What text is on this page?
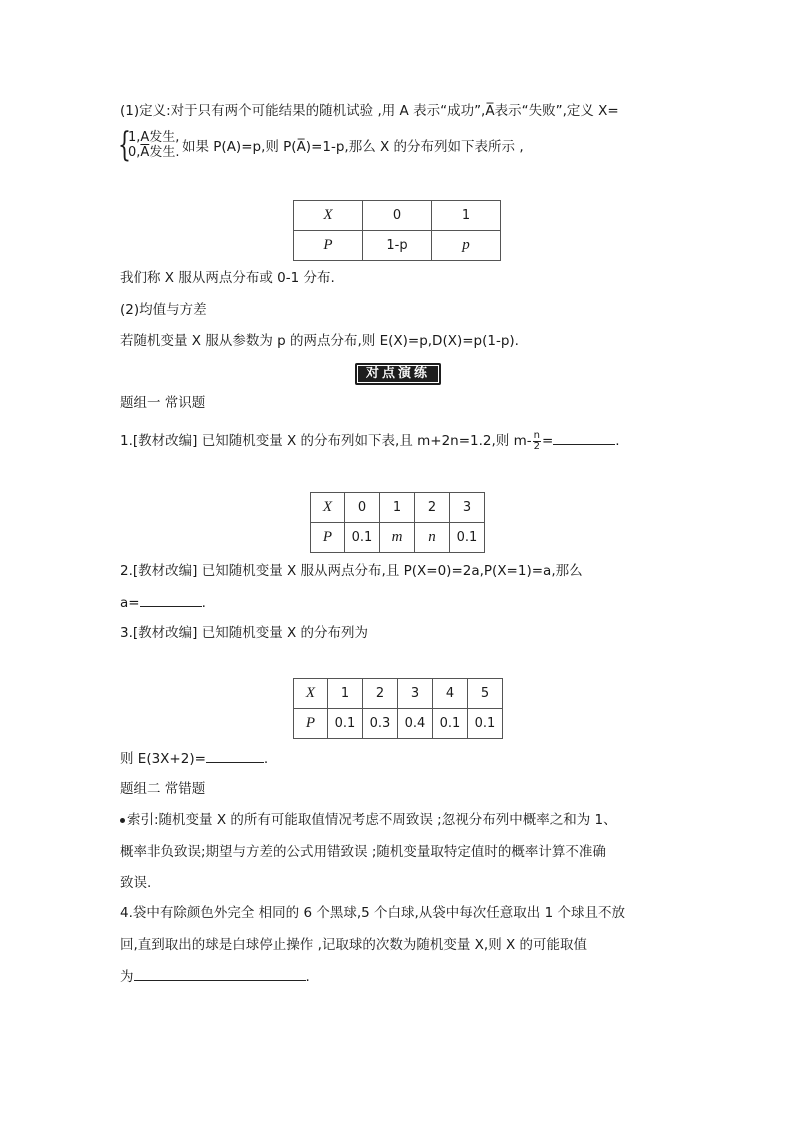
(1)定义:对于只有两个可能结果的随机试验 ,用 A 表示“成功”,A̅表示“失败”,定义 X=
{
1,A发生,
$0,\overline{A}$发生. 如果 P(A)=p,则 P(A̅)=1-p,那么 X 的分布列如下表所示 ,
X	0	1
P	1-p	p
我们称 X 服从两点分布或 0-1 分布.
(2)均值与方差
若随机变量 X 服从参数为 p 的两点分布,则 E(X)=p,D(X)=p(1-p).
对点演练
题组一 常识题
1.[教材改编] 已知随机变量 X 的分布列如下表,且 m+2n=1.2,则 $m- \frac{n}{2}$ =	.
X	0	1	2	3
P	0.1	m	n	0.1
2.[教材改编] 已知随机变量 X 服从两点分布,且 P(X=0)=2a,P(X=1)=a,那么
a=	.
3.[教材改编] 已知随机变量 X 的分布列为
X	1	2	3	4	5
P	0.1	0.3	0.4	0.1	0.1
则 E(3X+2)=	.
题组二 常错题
索引:随机变量 X 的所有可能取值情况考虑不周致误 ;忽视分布列中概率之和为 1、
概率非负致误;期望与方差的公式用错致误 ;随机变量取特定值时的概率计算不准确
致误.
4.袋中有除颜色外完全 相同的 6 个黑球,5 个白球,从袋中每次任意取出 1 个球且不放
回,直到取出的球是白球停止操作 ,记取球的次数为随机变量 X,则 X 的可能取值
为	.
